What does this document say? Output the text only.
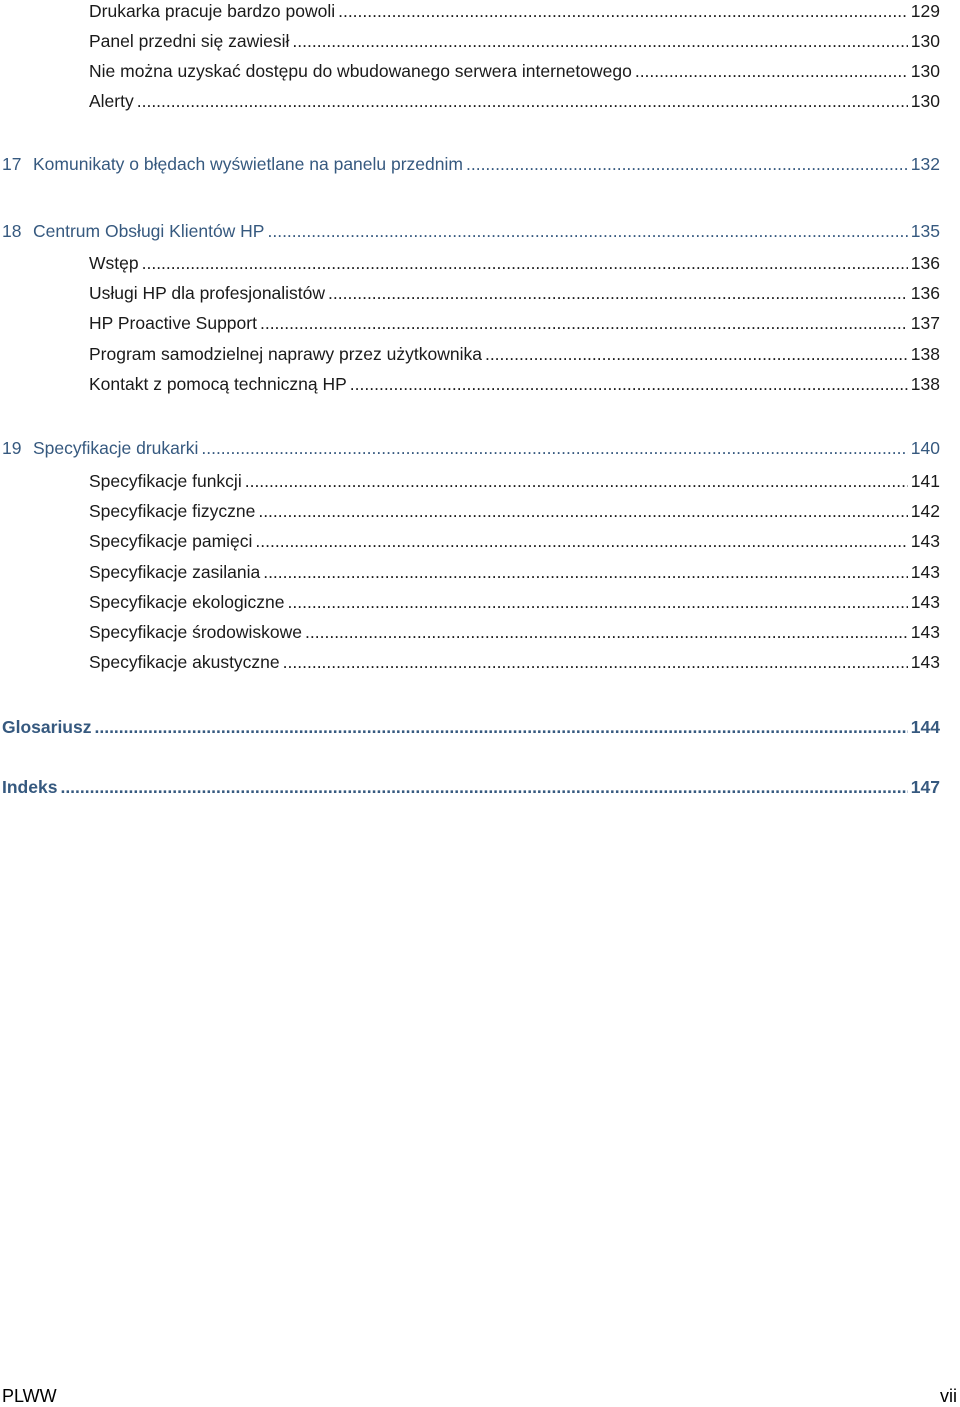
Drukarka pracuje bardzo powoli .....	129
Panel przedni się zawiesił .....	130
Nie można uzyskać dostępu do wbudowanego serwera internetowego .....	130
Alerty .....	130
17 Komunikaty o błędach wyświetlane na panelu przednim .....	132
18 Centrum Obsługi Klientów HP .....	135
Wstęp .....	136
Usługi HP dla profesjonalistów .....	136
HP Proactive Support .....	137
Program samodzielnej naprawy przez użytkownika .....	138
Kontakt z pomocą techniczną HP .....	138
19 Specyfikacje drukarki .....	140
Specyfikacje funkcji .....	141
Specyfikacje fizyczne .....	142
Specyfikacje pamięci .....	143
Specyfikacje zasilania .....	143
Specyfikacje ekologiczne .....	143
Specyfikacje środowiskowe .....	143
Specyfikacje akustyczne .....	143
Glosariusz .....	144
Indeks .....	147
PLWW	vii
